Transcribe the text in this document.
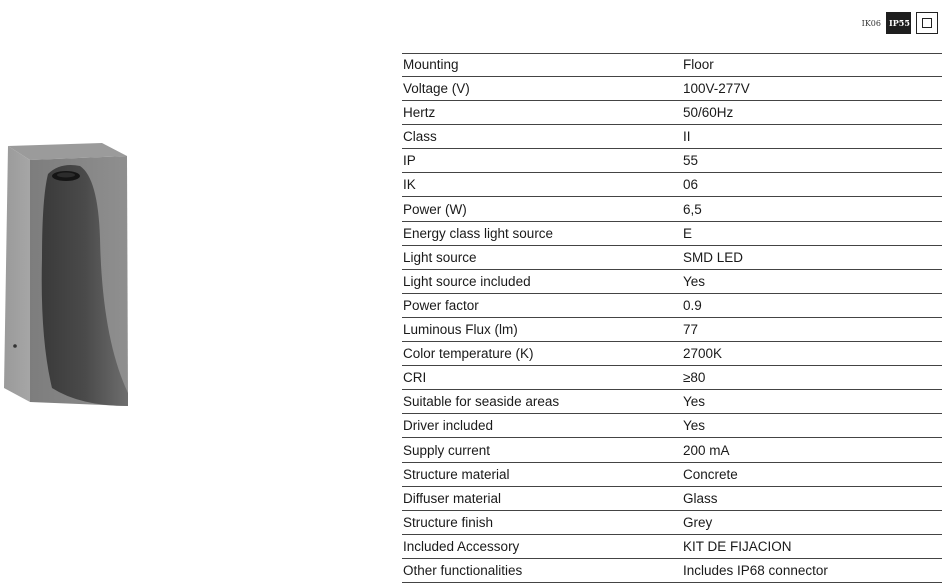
IK06	IP55
Mounting	Floor
Voltage (V)	100V-277V
Hertz	50/60Hz
Class	II
IP	55
IK	06
Power (W)	6,5
Energy class light source	E
Light source	SMD LED
Light source included	Yes
Power factor	0.9
Luminous Flux (lm)	77
Color temperature (K)	2700K
CRI	≥80
Suitable for seaside areas	Yes
Driver included	Yes
Supply current	200 mA
Structure material	Concrete
Diffuser material	Glass
Structure finish	Grey
Included Accessory	KIT DE FIJACION
Other functionalities	Includes IP68 connector
